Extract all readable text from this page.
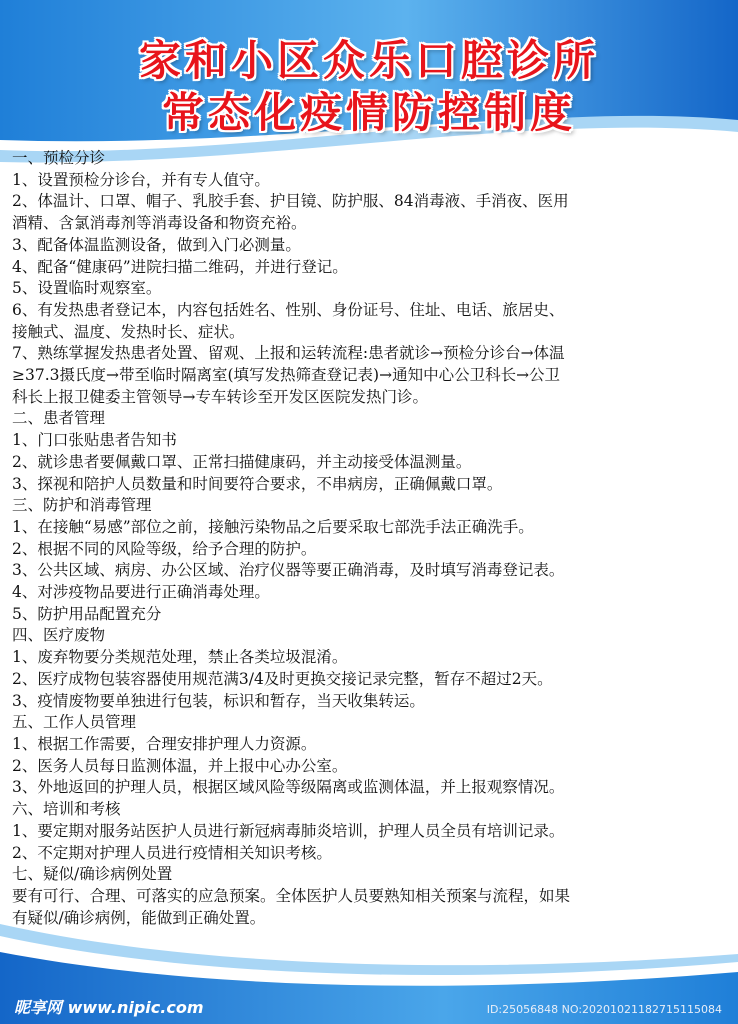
家和小区众乐口腔诊所
常态化疫情防控制度

一、预检分诊

1、设置预检分诊台，并有专人值守。

2、体温计、口罩、帽子、乳胶手套、护目镜、防护服、84消毒液、手消夜、医用

酒精、含氯消毒剂等消毒设备和物资充裕。

3、配备体温监测设备，做到入门必测量。

4、配备“健康码”进院扫描二维码，并进行登记。

5、设置临时观察室。

6、有发热患者登记本，内容包括姓名、性别、身份证号、住址、电话、旅居史、

接触式、温度、发热时长、症状。

7、熟练掌握发热患者处置、留观、上报和运转流程:患者就诊→预检分诊台→体温

≥37.3摄氏度→带至临时隔离室(填写发热筛查登记表)→通知中心公卫科长→公卫

科长上报卫健委主管领导→专车转诊至开发区医院发热门诊。

二、患者管理

1、门口张贴患者告知书

2、就诊患者要佩戴口罩、正常扫描健康码，并主动接受体温测量。

3、探视和陪护人员数量和时间要符合要求，不串病房，正确佩戴口罩。

三、防护和消毒管理

1、在接触“易感”部位之前，接触污染物品之后要采取七部洗手法正确洗手。

2、根据不同的风险等级，给予合理的防护。

3、公共区域、病房、办公区域、治疗仪器等要正确消毒，及时填写消毒登记表。

4、对涉疫物品要进行正确消毒处理。

5、防护用品配置充分

四、医疗废物

1、废弃物要分类规范处理，禁止各类垃圾混淆。

2、医疗成物包装容器使用规范满3/4及时更换交接记录完整，暂存不超过2天。

3、疫情废物要单独进行包装，标识和暂存，当天收集转运。

五、工作人员管理

1、根据工作需要，合理安排护理人力资源。

2、医务人员每日监测体温，并上报中心办公室。

3、外地返回的护理人员，根据区域风险等级隔离或监测体温，并上报观察情况。

六、培训和考核

1、要定期对服务站医护人员进行新冠病毒肺炎培训，护理人员全员有培训记录。

2、不定期对护理人员进行疫情相关知识考核。

七、疑似/确诊病例处置

要有可行、合理、可落实的应急预案。全体医护人员要熟知相关预案与流程，如果

有疑似/确诊病例，能做到正确处置。

昵享网 www.nipic.com	ID:25056848 NO:20201021182715115084
